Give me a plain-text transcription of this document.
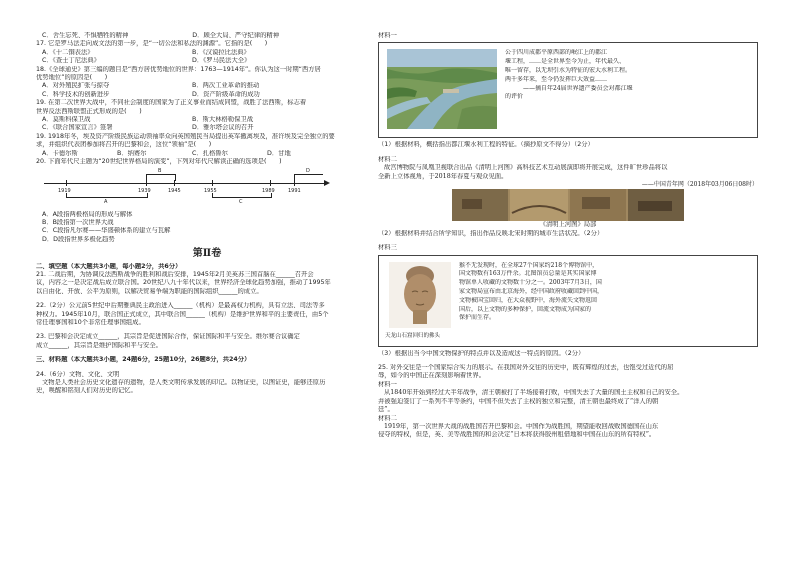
C．舍生忘死、不惧牺牲的精神	D．顾全大局、严守纪律的精神
17. 它是罗马法走向成文法的第一步，是“一切公法和私法的渊源”。它指的是(　　)
A．《十二铜表法》	B．《汉谟拉比法典》
C．《查士丁尼法典》	D．《罗马民法大全》
18.《全球通史》第三编的题目是“西方居优势地位的世界：1763—1914年”。你认为这一时期“西方居
优势地位”的原因是(　　)
A．对外殖民扩张与掠夺	B．两次工业革命的推动
C．科学技术的创新进步	D．资产阶级革命的成功
19. 在第二次世界大战中，不同社会制度的国家为了正义事业而结成同盟，战胜了法西斯，标志着
世界反法西斯联盟正式形成的是(　　)
A．莫斯科保卫战	B．斯大林格勒保卫战
C．《联合国家宣言》签署	D．雅尔塔会议的召开
19. 1918年冬，埃及资产阶级民族运动领袖率众向英国殖民当局提出英军撤离埃及，准许埃及完全独立的要
求，并组织代表团参加将召开的巴黎和会，这位“领袖”是(　　)
A．卡德尔斯	B．纳赛尔	C．扎格鲁尔	D．甘地
20. 下面年代尺主题为“20世纪世界格局的演变”，下列对年代尺解读正确的选项是(　　)
1919	1939	1945	1955	1989	1991
A
B
C
D
A．A段指两极格局的形成与解体
B．B段指第一次世界大战
C．C段指凡尔赛——华盛顿体系的建立与瓦解
D．D段指世界多极化趋势
第Ⅱ卷
二、填空题（本大题共3小题，每小题2分，共6分）
21. 二战后期，为协调反法西斯战争的胜利和战后安排，1945年2月美英苏三国首脑在______召开会
议，内容之一是决定战后成立联合国。20世纪八九十年代以来，世界经济全球化趋势加强，推动了1995年
以自由化、开放、公平为原则，以解决贸易争端为职能的国际组织______的成立。
22.（2分）公元前5世纪中后期雅典民主政治进入______（机构）是最高权力机构，具有立法、司法等多
种权力。1945年10月，联合国正式成立，其中联合国______（机构）是维护世界和平的主要责任，由5个
常任理事国和10个非常任理事国组成。
23. 巴黎和会决定成立______，其宗旨是促进国际合作，保证国际和平与安全。维尔赛合议确定
成立______，其宗旨是维护国际和平与安全。
三、材料题（本大题共3小题，24题6分，25题10分，26题8分，共24分）
24.（6分）文物、文化、文明
文物是人类社会历史文化遗存的遗物，是人类文明传承发展的印记。以物证史，以图证史，能够还原历
史，唤醒和铭刻人们对历史的记忆。
材料一
公于四川成都平原西部的岷江上的都江
堰工程，……是全世界至今为止，年代最久、
唯一留存，以无坝引水为特征的宏大水利工程。
两千多年来，至今仍发挥巨大效益……
——摘自年24届世界遗产委员会对都江堰
的评价
（1）根据材料，概括指出都江堰水利工程的特征。（摘抄原文不得分）（2分）
材料二
故宫博物院与凤凰卫视联合出品《清明上河图》高科技艺术互动展演即将开展完成，这件旷世珍品将以
全新上立体视角，于2018年春夏与观众见面。
——中国青年网（2018年03月06日08时）
《清明上河图》局部
（2）根据材料并结合所学知识，指出作品反映北宋时期的城市生活状况。（2分）
材料三
天龙山石窟回归的佛头
猴不无发现时，在全球27个国家约218个博物馆中，
国文物数有163万件余。北图馆员总量是其实国家博
物馆单人收藏的文物数十分之一。2003年7月3日，国
家文物局宣布由北京海外，经中国政府收藏回到中国，
文物被国宝回归，在大众视野中，海外流失文物返回
国后，以上文物的多种保护，回流文物成为国家的
保护而生存。
（3）根据出当今中国文物保护的特点并以及造成这一特点的原因。（2分）
25. 对外交往是一个国家综合实力的展示。在我国对外交往的历史中，既有辉煌的过去，也饱受过近代的屈
辱，如今的中国正在深刻影响着世界。
材料一
从1840年开始到经过大半年战争，清王朝被打了半场接着打败，中国失去了大量的国土主权和自己的安全。
并被强迫签订了一系列不平等条约，中国不但失去了主权的独立和完整，清王朝也最终成了“洋人的朝
廷”。
材料二
1919年，第一次世界大战的战胜国召开巴黎和会。中国作为战胜国，期望能收回战败国德国在山东
侵夺的特权，但是，英、美等战胜国的和会决定“日本将获得胶州租借地和中国在山东的所有特权”。
